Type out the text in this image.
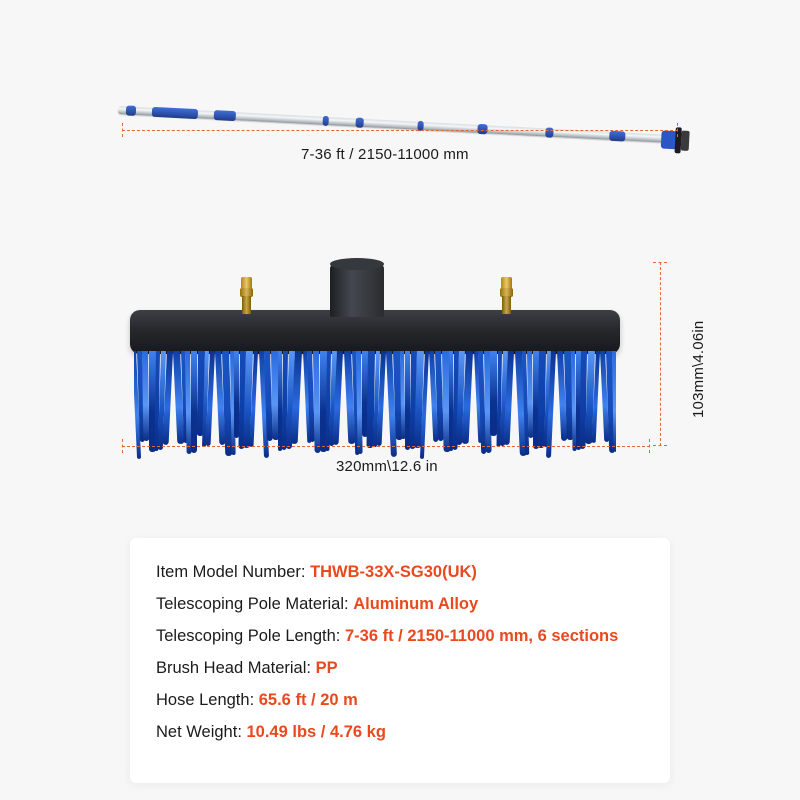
7-36 ft / 2150-11000 mm
320mm\12.6 in
103mm\4.06in
Item Model Number: THWB-33X-SG30(UK)
Telescoping Pole Material: Aluminum Alloy
Telescoping Pole Length: 7-36 ft / 2150-11000 mm, 6 sections
Brush Head Material: PP
Hose Length: 65.6 ft / 20 m
Net Weight: 10.49 lbs / 4.76 kg
